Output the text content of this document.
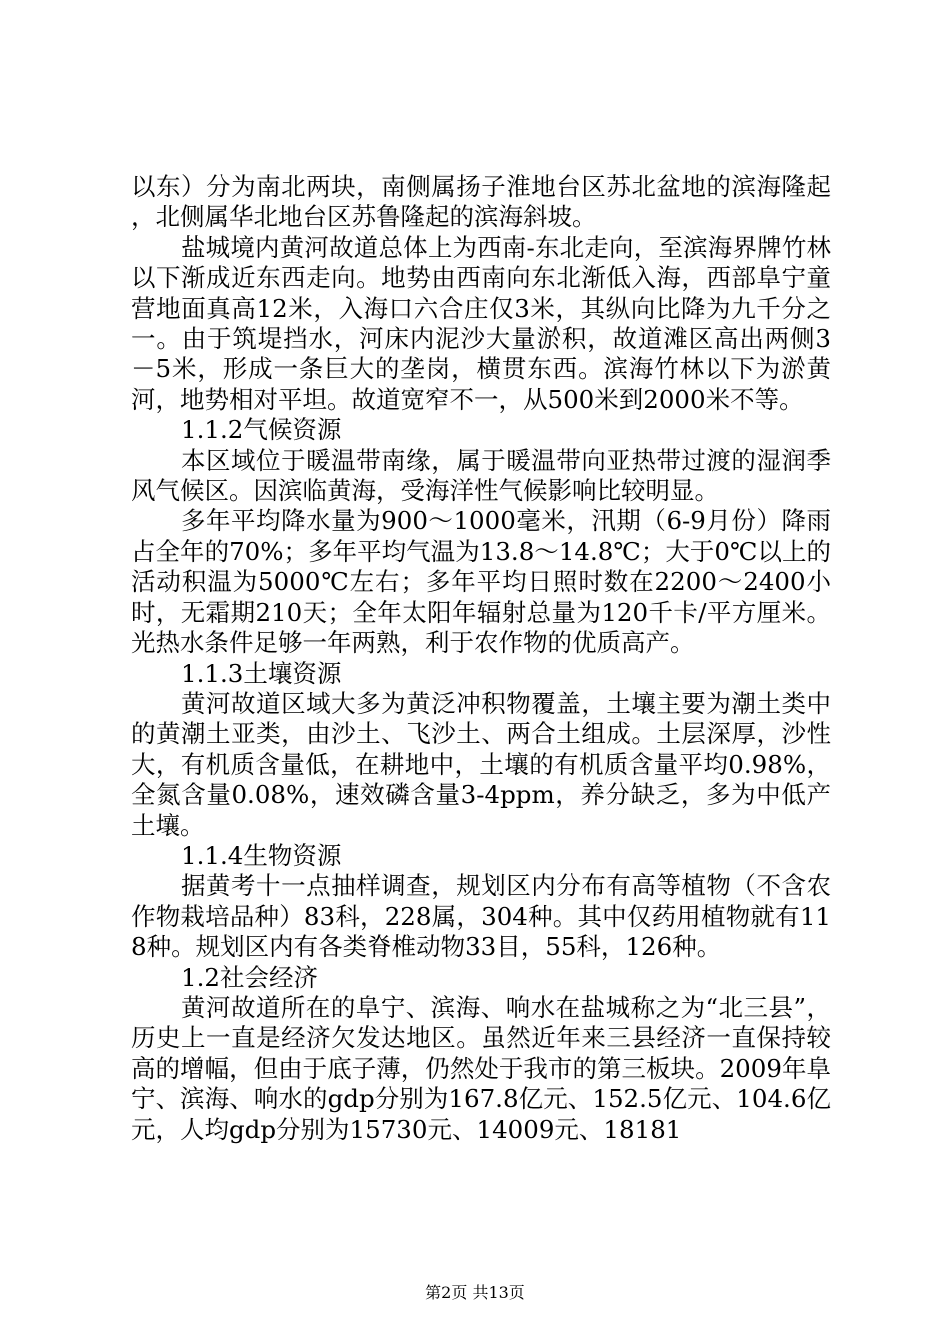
以东）分为南北两块，南侧属扬子淮地台区苏北盆地的滨海隆起，北侧属华北地台区苏鲁隆起的滨海斜坡。

盐城境内黄河故道总体上为西南-东北走向，至滨海界牌竹林以下渐成近东西走向。地势由西南向东北渐低入海，西部阜宁童营地面真高12米，入海口六合庄仅3米，其纵向比降为九千分之一。由于筑堤挡水，河床内泥沙大量淤积，故道滩区高出两侧3－5米，形成一条巨大的垄岗，横贯东西。滨海竹林以下为淤黄河，地势相对平坦。故道宽窄不一，从500米到2000米不等。

1.1.2气候资源

本区域位于暖温带南缘，属于暖温带向亚热带过渡的湿润季风气候区。因滨临黄海，受海洋性气候影响比较明显。

多年平均降水量为900～1000毫米，汛期（6-9月份）降雨占全年的70%；多年平均气温为13.8～14.8℃；大于0℃以上的活动积温为5000℃左右；多年平均日照时数在2200～2400小时，无霜期210天；全年太阳年辐射总量为120千卡/平方厘米。光热水条件足够一年两熟，利于农作物的优质高产。

1.1.3土壤资源

黄河故道区域大多为黄泛冲积物覆盖，土壤主要为潮土类中的黄潮土亚类，由沙土、飞沙土、两合土组成。土层深厚，沙性大，有机质含量低，在耕地中，土壤的有机质含量平均0.98%，全氮含量0.08%，速效磷含量3-4ppm，养分缺乏，多为中低产土壤。

1.1.4生物资源

据黄考十一点抽样调查，规划区内分布有高等植物（不含农作物栽培品种）83科，228属，304种。其中仅药用植物就有118种。规划区内有各类脊椎动物33目，55科，126种。

1.2社会经济

黄河故道所在的阜宁、滨海、响水在盐城称之为“北三县”，历史上一直是经济欠发达地区。虽然近年来三县经济一直保持较高的增幅，但由于底子薄，仍然处于我市的第三板块。2009年阜宁、滨海、响水的gdp分别为167.8亿元、152.5亿元、104.6亿元，人均gdp分别为15730元、14009元、18181

第2页 共13页
